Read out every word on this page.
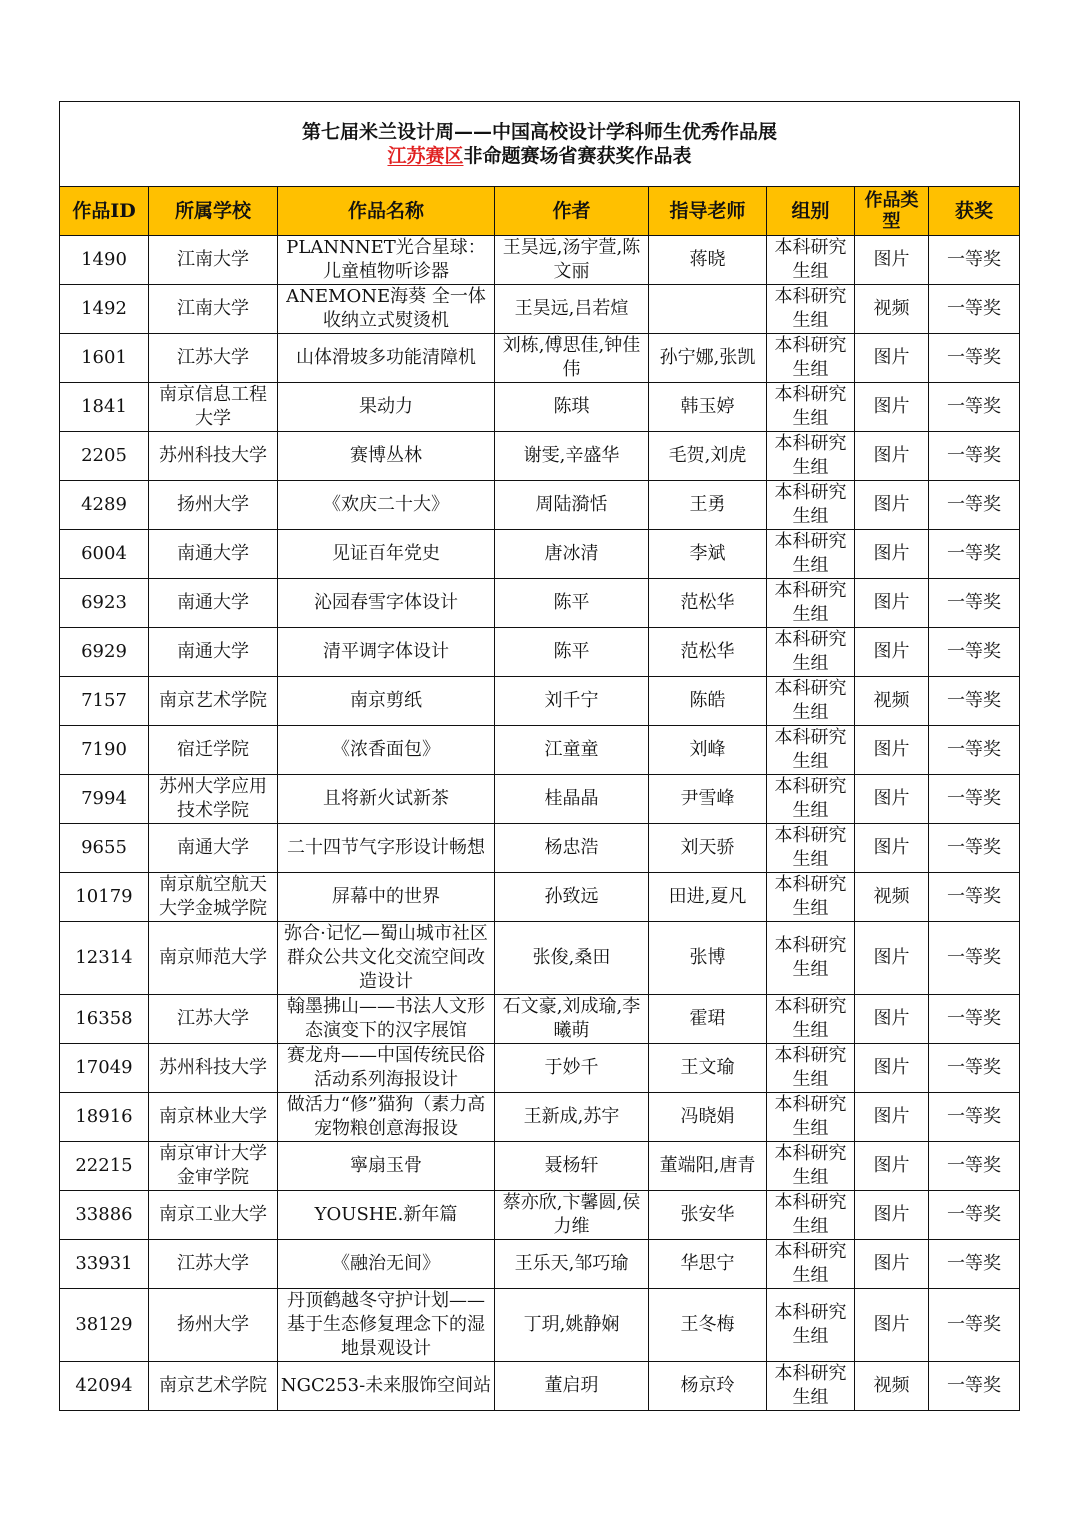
第七届米兰设计周——中国高校设计学科师生优秀作品展
江苏赛区非命题赛场省赛获奖作品表							

作品ID	所属学校	作品名称	作者	指导老师	组别	作品类型	获奖
1490	江南大学	PLANNNET光合星球：儿童植物听诊器	王昊远,汤宇萱,陈文丽	蒋晓	本科研究生组	图片	一等奖
1492	江南大学	ANEMONE海葵 全一体收纳立式熨烫机	王昊远,吕若煊		本科研究生组	视频	一等奖
1601	江苏大学	山体滑坡多功能清障机	刘栋,傅思佳,钟佳伟	孙宁娜,张凯	本科研究生组	图片	一等奖
1841	南京信息工程大学	果动力	陈琪	韩玉婷	本科研究生组	图片	一等奖
2205	苏州科技大学	赛博丛林	谢雯,辛盛华	毛贺,刘虎	本科研究生组	图片	一等奖
4289	扬州大学	《欢庆二十大》	周陆漪恬	王勇	本科研究生组	图片	一等奖
6004	南通大学	见证百年党史	唐冰清	李斌	本科研究生组	图片	一等奖
6923	南通大学	沁园春雪字体设计	陈平	范松华	本科研究生组	图片	一等奖
6929	南通大学	清平调字体设计	陈平	范松华	本科研究生组	图片	一等奖
7157	南京艺术学院	南京剪纸	刘千宁	陈皓	本科研究生组	视频	一等奖
7190	宿迁学院	《浓香面包》	江童童	刘峰	本科研究生组	图片	一等奖
7994	苏州大学应用技术学院	且将新火试新茶	桂晶晶	尹雪峰	本科研究生组	图片	一等奖
9655	南通大学	二十四节气字形设计畅想	杨忠浩	刘天骄	本科研究生组	图片	一等奖
10179	南京航空航天大学金城学院	屏幕中的世界	孙致远	田进,夏凡	本科研究生组	视频	一等奖
12314	南京师范大学	弥合·记忆—蜀山城市社区群众公共文化交流空间改造设计	张俊,桑田	张博	本科研究生组	图片	一等奖
16358	江苏大学	翰墨拂山——书法人文形态演变下的汉字展馆	石文豪,刘成瑜,李曦萌	霍珺	本科研究生组	图片	一等奖
17049	苏州科技大学	赛龙舟——中国传统民俗活动系列海报设计	于妙千	王文瑜	本科研究生组	图片	一等奖
18916	南京林业大学	做活力“修”猫狗（素力高宠物粮创意海报设	王新成,苏宇	冯晓娟	本科研究生组	图片	一等奖
22215	南京审计大学金审学院	寧扇玉骨	聂杨轩	董端阳,唐青	本科研究生组	图片	一等奖
33886	南京工业大学	YOUSHE.新年篇	蔡亦欣,卞馨圆,侯力维	张安华	本科研究生组	图片	一等奖
33931	江苏大学	《融治无间》	王乐天,邹巧瑜	华思宁	本科研究生组	图片	一等奖
38129	扬州大学	丹顶鹤越冬守护计划——基于生态修复理念下的湿地景观设计	丁玥,姚静娴	王冬梅	本科研究生组	图片	一等奖
42094	南京艺术学院	NGC253-未来服饰空间站	董启玥	杨京玲	本科研究生组	视频	一等奖
